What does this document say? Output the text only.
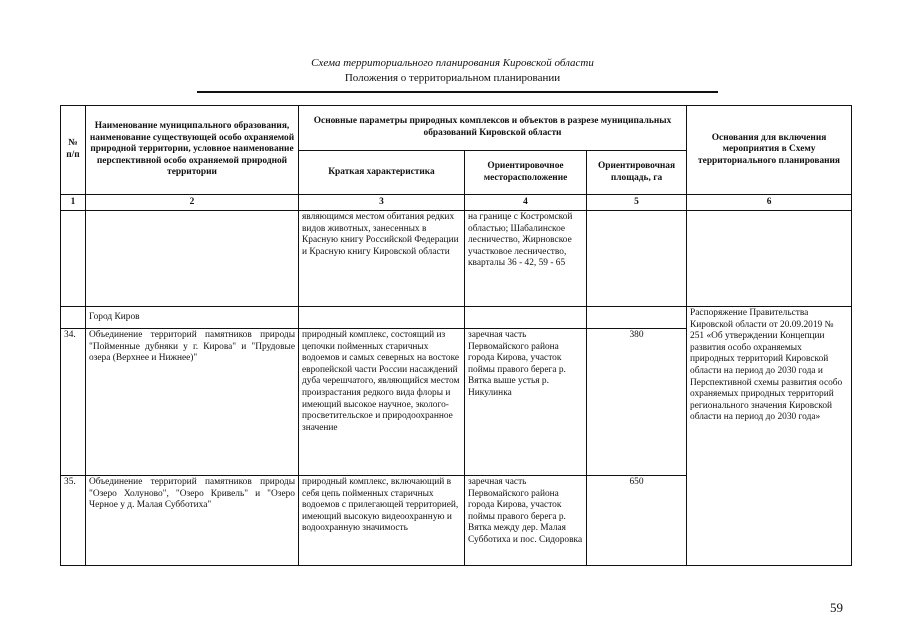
Схема территориального планирования Кировской области
Положения о территориальном планировании
№ п/п	Наименование муниципального образования, наименование существующей особо охраняемой природной территории, условное наименование перспективной особо охраняемой природной территории	Основные параметры природных комплексов и объектов в разрезе муниципальных образований Кировской области			Основания для включения мероприятия в Схему территориального планирования
		Краткая характеристика	Ориентировочное месторасположение	Ориентировочная площадь, га	
1	2	3	4	5	6
		являющимся местом обитания редких видов животных, занесенных в Красную книгу Российской Федерации и Красную книгу Кировской области	на границе с Костромской областью; Шабалинское лесничество, Жирновское участковое лесничество, кварталы 36 - 42, 59 - 65		
	Город Киров				Распоряжение Правительства Кировской области от 20.09.2019 № 251 «Об утверждении Концепции развития особо охраняемых природных территорий Кировской области на период до 2030 года и Перспективной схемы развития особо охраняемых природных территорий регионального значения Кировской области на период до 2030 года»
34.	Объединение территорий памятников природы "Пойменные дубняки у г. Кирова" и "Прудовые озера (Верхнее и Нижнее)"	природный комплекс, состоящий из цепочки пойменных старичных водоемов и самых северных на востоке европейской части России насаждений дуба черешчатого, являющийся местом произрастания редкого вида флоры и имеющий высокое научное, эколого-просветительское и природоохранное значение	заречная часть Первомайского района города Кирова, участок поймы правого берега р. Вятка выше устья р. Никулинка	380	
35.	Объединение территорий памятников природы "Озеро Холуново", "Озеро Кривель" и "Озеро Черное у д. Малая Субботиха"	природный комплекс, включающий в себя цепь пойменных старичных водоемов с прилегающей территорией, имеющий высокую видеоохранную и водоохранную значимость	заречная часть Первомайского района города Кирова, участок поймы правого берега р. Вятка между дер. Малая Субботиха и пос. Сидоровка	650	
59
